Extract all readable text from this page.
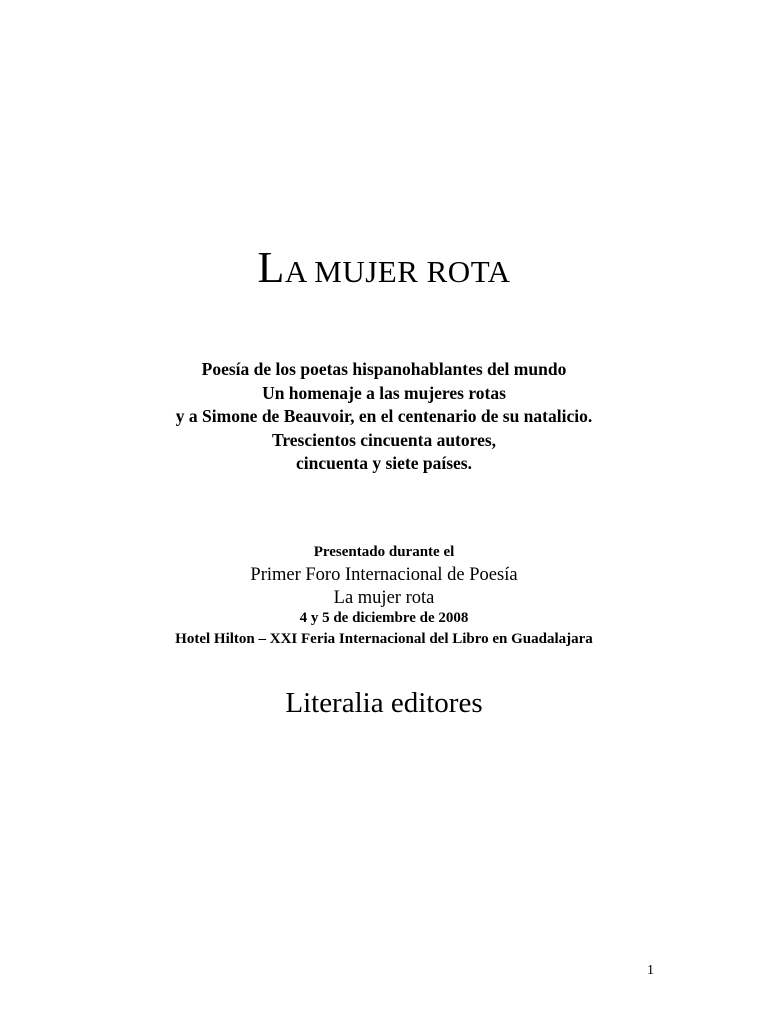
LA MUJER ROTA
Poesía de los poetas hispanohablantes del mundo
Un homenaje a las mujeres rotas
y a Simone de Beauvoir, en el centenario de su natalicio.
Trescientos cincuenta autores,
cincuenta y siete países.
Presentado durante el
Primer Foro Internacional de Poesía
La mujer rota
4 y 5 de diciembre de 2008
Hotel Hilton – XXI Feria Internacional del Libro en Guadalajara
Literalia editores
1
